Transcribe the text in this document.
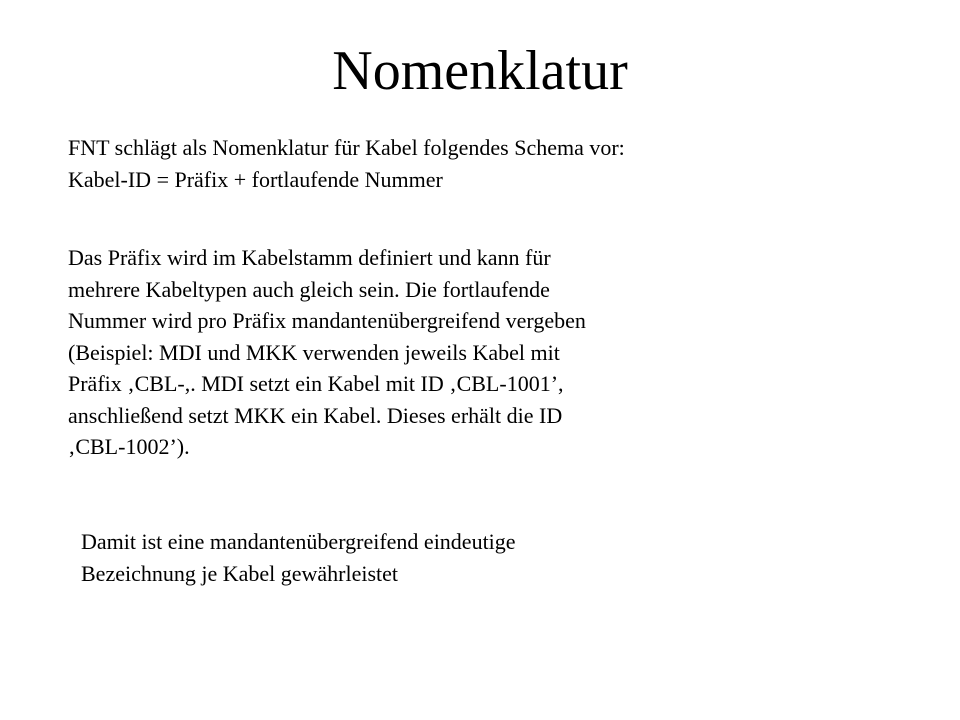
Nomenklatur

FNT schlägt als Nomenklatur für Kabel folgendes Schema vor:
Kabel-ID = Präfix + fortlaufende Nummer

Das Präfix wird im Kabelstamm definiert und kann für
mehrere Kabeltypen auch gleich sein. Die fortlaufende
Nummer wird pro Präfix mandantenübergreifend vergeben
(Beispiel: MDI und MKK verwenden jeweils Kabel mit
Präfix ‚CBL-,. MDI setzt ein Kabel mit ID ‚CBL-1001’,
anschließend setzt MKK ein Kabel. Dieses erhält die ID
‚CBL-1002’).

Damit ist eine mandantenübergreifend eindeutige
Bezeichnung je Kabel gewährleistet
